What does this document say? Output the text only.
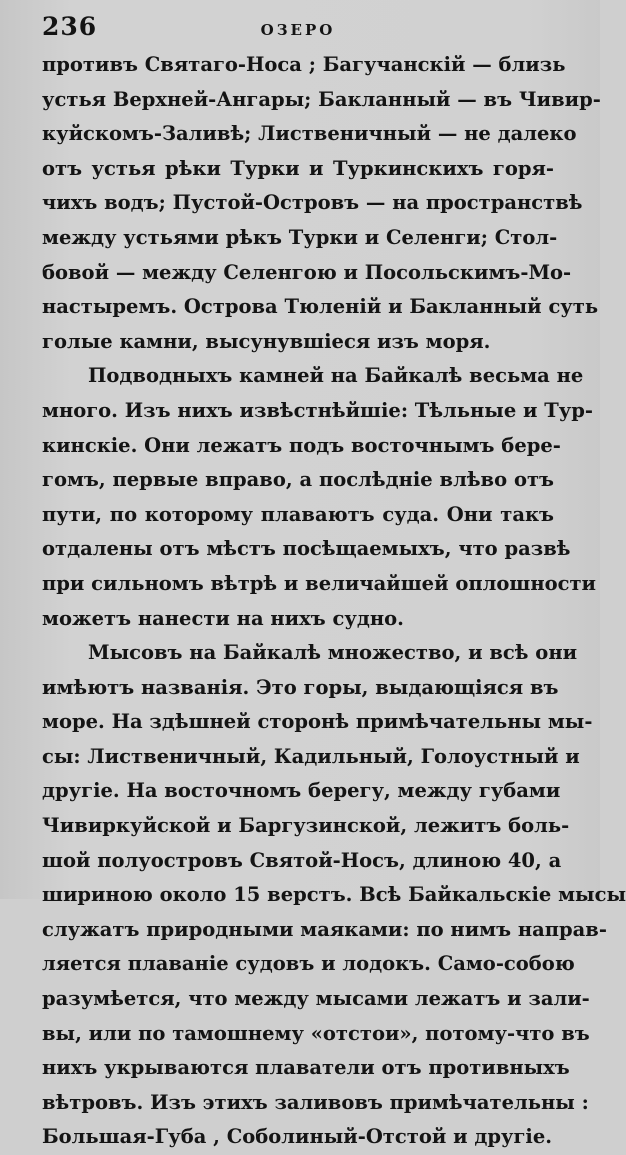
236	ОЗЕРО
противъ Святаго-Носа ; Багучанскій — близь
устья Верхней-Ангары; Бакланный — въ Чивир-
куйскомъ-Заливѣ; Лиственичный — не далеко
отъ устья рѣки Турки и Туркинскихъ горя-
чихъ водъ; Пустой-Островъ — на пространствѣ
между устьями рѣкъ Турки и Селенги; Стол-
бовой — между Селенгою и Посольскимъ-Мо-
настыремъ. Острова Тюленій и Бакланный суть
голые камни, высунувшіеся изъ моря.
Подводныхъ камней на Байкалѣ весьма не
много. Изъ нихъ извѣстнѣйшіе: Тѣльные и Тур-
кинскіе. Они лежатъ подъ восточнымъ бере-
гомъ, первые вправо, а послѣдніе влѣво отъ
пути, по которому плаваютъ суда. Они такъ
отдалены отъ мѣстъ посѣщаемыхъ, что развѣ
при сильномъ вѣтрѣ и величайшей оплошности
можетъ нанести на нихъ судно.
Мысовъ на Байкалѣ множество, и всѣ они
имѣютъ названія. Это горы, выдающіяся въ
море. На здѣшней сторонѣ примѣчательны мы-
сы: Лиственичный, Кадильный, Голоустный и
другіе. На восточномъ берегу, между губами
Чивиркуйской и Баргузинской, лежитъ боль-
шой полуостровъ Святой-Носъ, длиною 40, а
шириною около 15 верстъ. Всѣ Байкальскіе мысы
служатъ природными маяками: по нимъ направ-
ляется плаваніе судовъ и лодокъ. Само-собою
разумѣется, что между мысами лежатъ и зали-
вы, или по тамошнему «отстои», потому-что въ
нихъ укрываются плаватели отъ противныхъ
вѣтровъ. Изъ этихъ заливовъ примѣчательны :
Большая-Губа , Соболиный-Отстой и другіе.
